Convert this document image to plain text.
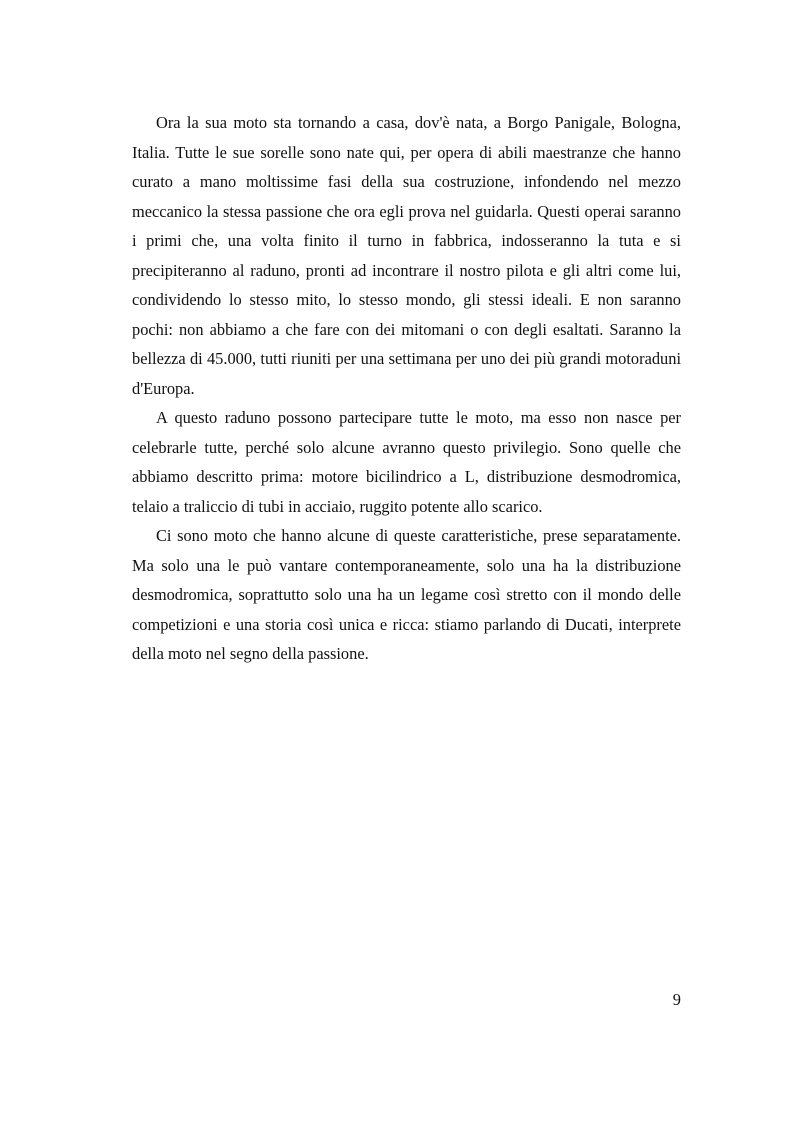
Ora la sua moto sta tornando a casa, dov'è nata, a Borgo Panigale, Bologna, Italia. Tutte le sue sorelle sono nate qui, per opera di abili maestranze che hanno curato a mano moltissime fasi della sua costruzione, infondendo nel mezzo meccanico la stessa passione che ora egli prova nel guidarla. Questi operai saranno i primi che, una volta finito il turno in fabbrica, indosseranno la tuta e si precipiteranno al raduno, pronti ad incontrare il nostro pilota e gli altri come lui, condividendo lo stesso mito, lo stesso mondo, gli stessi ideali. E non saranno pochi: non abbiamo a che fare con dei mitomani o con degli esaltati. Saranno la bellezza di 45.000, tutti riuniti per una settimana per uno dei più grandi motoraduni d'Europa.

A questo raduno possono partecipare tutte le moto, ma esso non nasce per celebrarle tutte, perché solo alcune avranno questo privilegio. Sono quelle che abbiamo descritto prima: motore bicilindrico a L, distribuzione desmodromica, telaio a traliccio di tubi in acciaio, ruggito potente allo scarico.

Ci sono moto che hanno alcune di queste caratteristiche, prese separatamente. Ma solo una le può vantare contemporaneamente, solo una ha la distribuzione desmodromica, soprattutto solo una ha un legame così stretto con il mondo delle competizioni e una storia così unica e ricca: stiamo parlando di Ducati, interprete della moto nel segno della passione.

9
